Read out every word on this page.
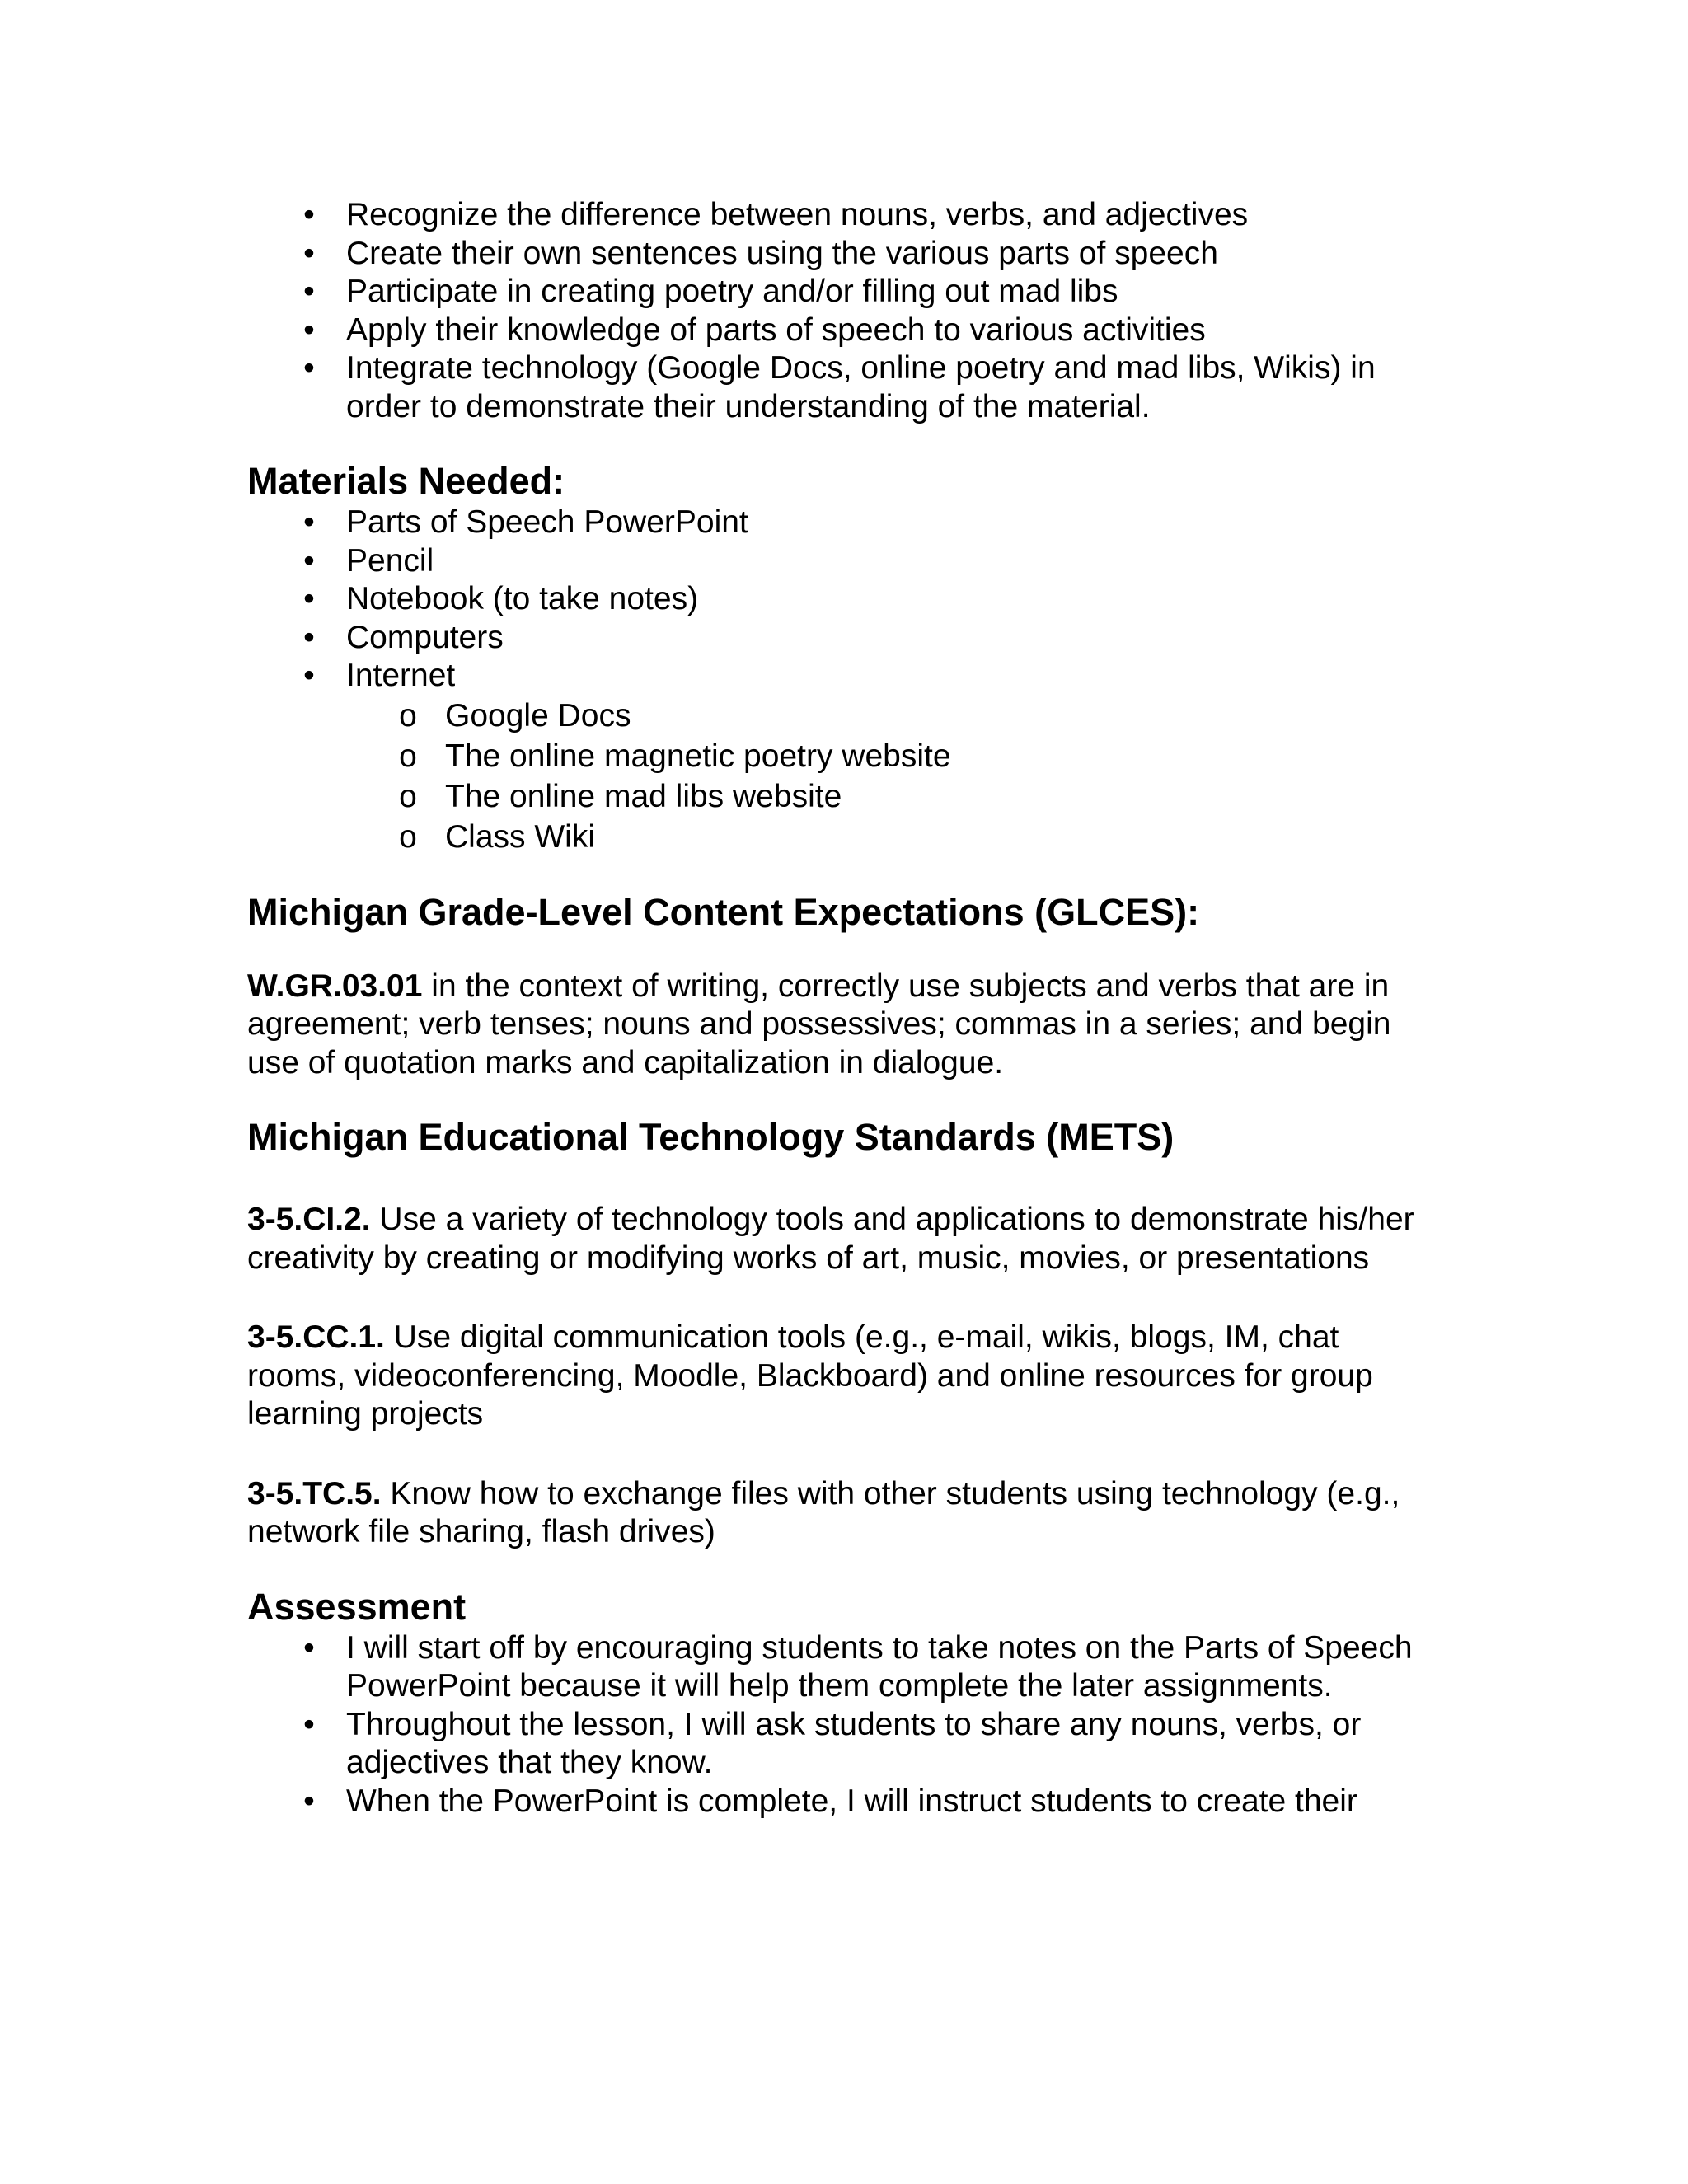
• Recognize the difference between nouns, verbs, and adjectives
• Create their own sentences using the various parts of speech
• Participate in creating poetry and/or filling out mad libs
• Apply their knowledge of parts of speech to various activities
• Integrate technology (Google Docs, online poetry and mad libs, Wikis) in order to demonstrate their understanding of the material.
Materials Needed:
• Parts of Speech PowerPoint
• Pencil
• Notebook (to take notes)
• Computers
• Internet
o Google Docs
o The online magnetic poetry website
o The online mad libs website
o Class Wiki
Michigan Grade-Level Content Expectations (GLCES):

W.GR.03.01 in the context of writing, correctly use subjects and verbs that are in agreement; verb tenses; nouns and possessives; commas in a series; and begin use of quotation marks and capitalization in dialogue.

Michigan Educational Technology Standards (METS)

3-5.CI.2. Use a variety of technology tools and applications to demonstrate his/her creativity by creating or modifying works of art, music, movies, or presentations

3-5.CC.1. Use digital communication tools (e.g., e-mail, wikis, blogs, IM, chat rooms, videoconferencing, Moodle, Blackboard) and online resources for group learning projects

3-5.TC.5. Know how to exchange files with other students using technology (e.g., network file sharing, flash drives)

Assessment
• I will start off by encouraging students to take notes on the Parts of Speech PowerPoint because it will help them complete the later assignments.
• Throughout the lesson, I will ask students to share any nouns, verbs, or adjectives that they know.
• When the PowerPoint is complete, I will instruct students to create their
